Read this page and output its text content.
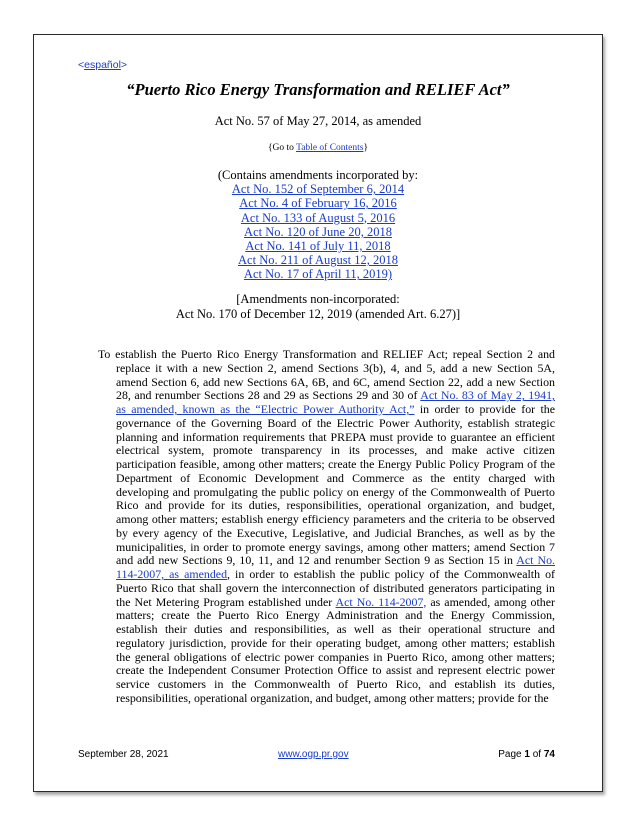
<español>
“Puerto Rico Energy Transformation and RELIEF Act”
Act No. 57 of May 27, 2014, as amended
{Go to Table of Contents}
(Contains amendments incorporated by:
Act No. 152 of September 6, 2014
Act No. 4 of February 16, 2016
Act No. 133 of August 5, 2016
Act No. 120 of June 20, 2018
Act No. 141 of July 11, 2018
Act No. 211 of August 12, 2018
Act No. 17 of April 11, 2019)
[Amendments non-incorporated:
Act No. 170 of December 12, 2019 (amended Art. 6.27)]

To establish the Puerto Rico Energy Transformation and RELIEF Act; repeal Section 2 and replace it with a new Section 2, amend Sections 3(b), 4, and 5, add a new Section 5A, amend Section 6, add new Sections 6A, 6B, and 6C, amend Section 22, add a new Section 28, and renumber Sections 28 and 29 as Sections 29 and 30 of Act No. 83 of May 2, 1941, as amended, known as the “Electric Power Authority Act,” in order to provide for the governance of the Governing Board of the Electric Power Authority, establish strategic planning and information requirements that PREPA must provide to guarantee an efficient electrical system, promote transparency in its processes, and make active citizen participation feasible, among other matters; create the Energy Public Policy Program of the Department of Economic Development and Commerce as the entity charged with developing and promulgating the public policy on energy of the Commonwealth of Puerto Rico and provide for its duties, responsibilities, operational organization, and budget, among other matters; establish energy efficiency parameters and the criteria to be observed by every agency of the Executive, Legislative, and Judicial Branches, as well as by the municipalities, in order to promote energy savings, among other matters; amend Section 7 and add new Sections 9, 10, 11, and 12 and renumber Section 9 as Section 15 in Act No. 114-2007, as amended, in order to establish the public policy of the Commonwealth of Puerto Rico that shall govern the interconnection of distributed generators participating in the Net Metering Program established under Act No. 114-2007, as amended, among other matters; create the Puerto Rico Energy Administration and the Energy Commission, establish their duties and responsibilities, as well as their operational structure and regulatory jurisdiction, provide for their operating budget, among other matters; establish the general obligations of electric power companies in Puerto Rico, among other matters; create the Independent Consumer Protection Office to assist and represent electric power service customers in the Commonwealth of Puerto Rico, and establish its duties, responsibilities, operational organization, and budget, among other matters; provide for the

September 28, 2021	www.ogp.pr.gov	Page 1 of 74
